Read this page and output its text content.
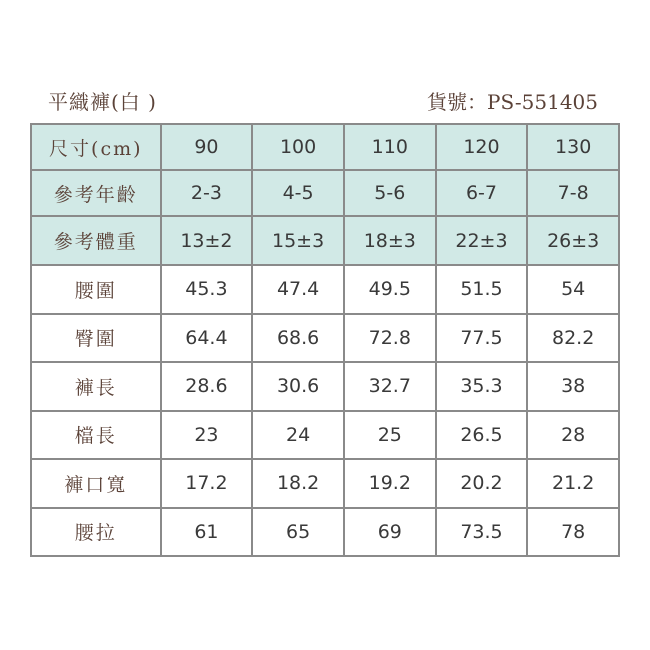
平織褲(白 )	貨號：PS-551405
尺寸(cm)	90	100	110	120	130
參考年齡	2-3	4-5	5-6	6-7	7-8
參考體重	13±2	15±3	18±3	22±3	26±3
腰圍	45.3	47.4	49.5	51.5	54
臀圍	64.4	68.6	72.8	77.5	82.2
褲長	28.6	30.6	32.7	35.3	38
檔長	23	24	25	26.5	28
褲口寬	17.2	18.2	19.2	20.2	21.2
腰拉	61	65	69	73.5	78
